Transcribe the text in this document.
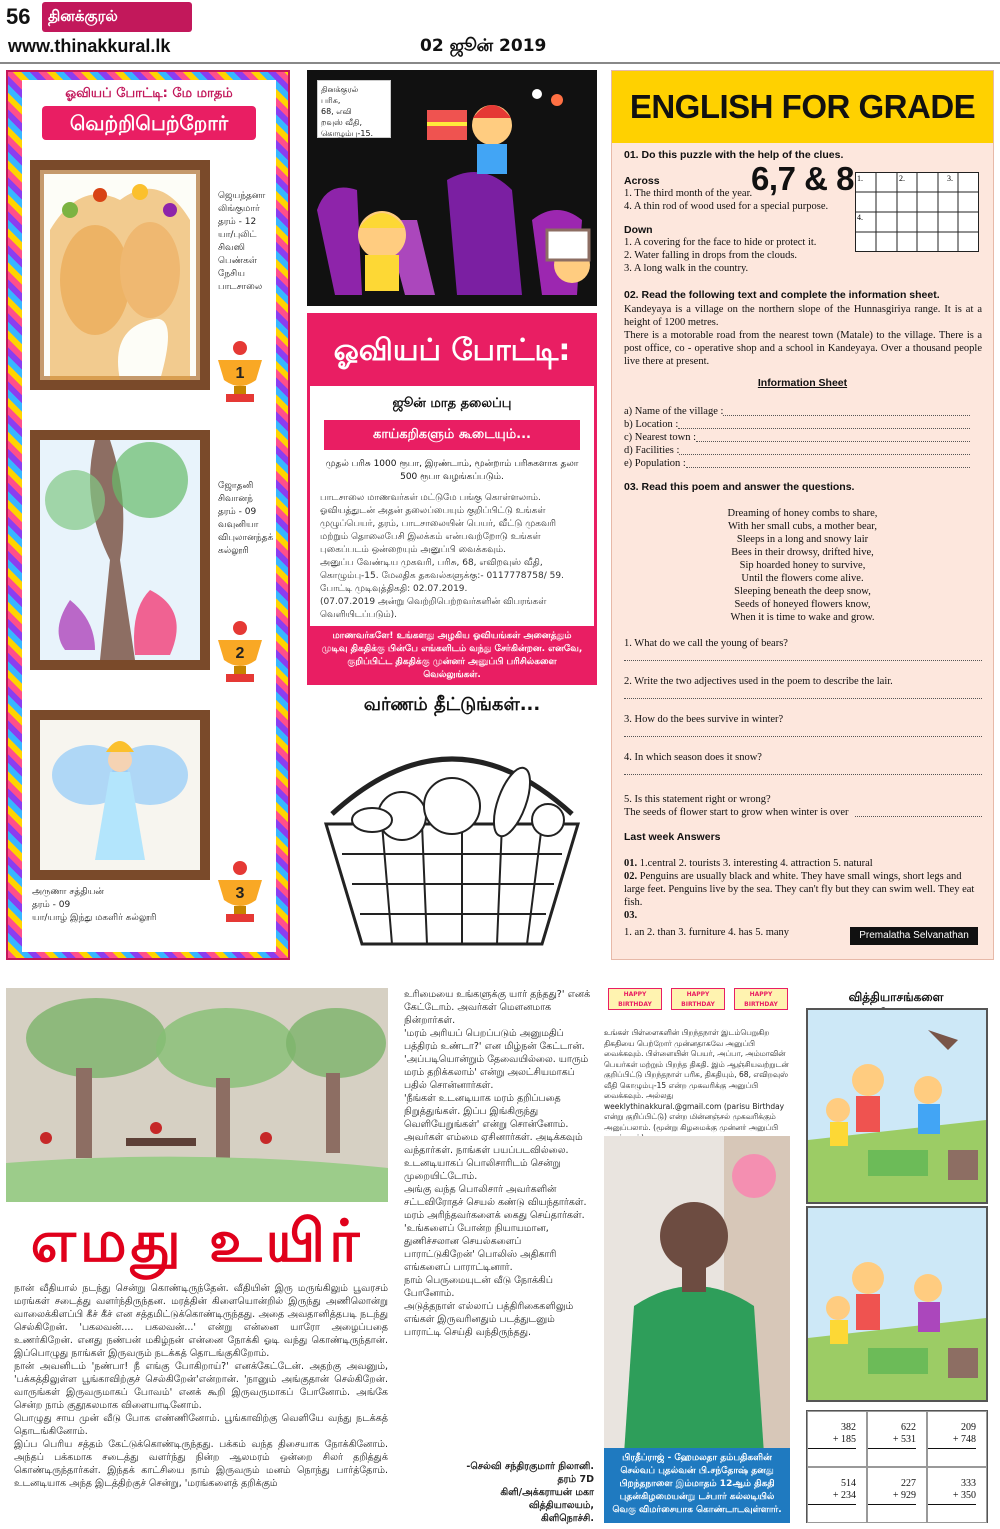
56	தினக்குரல்
www.thinakkural.lk	02 ஜூன் 2019
ஓவியப் போட்டி: மே மாதம்
வெற்றிபெற்றோர்
ஜெயந்தனா
லிங்குமார்
தரம் - 12
யா/புலிட்
சிவஸி
பெண்கள்
நேசிய பாடசாலை
1
ஜோதனி
சிவானந்
தரம் - 09
வவுனியா
விபுலானந்தக்
கல்லூரி
2
3
அருணா சத்தியன்
தரம் - 09
யா/யாழ் இந்து மகளிர் கல்லூரி
தினக்குரல்
பரிசு,
68, எவி
றவுஸ் வீதி,
கொழும்பு-15.
ஓவியப் போட்டி:
ஜூன் மாத தலைப்பு
காய்கறிகளும் கூடையும்...
முதல் பரிசு 1000 ரூபா, இரண்டாம், மூன்றாம் பரிசுகளாக தலா 500 ரூபா வழங்கப்படும்.
பாடசாலை மாணவர்கள் மட்டுமே பங்கு கொள்ளலாம்.
ஓவியத்துடன் அதன் தலைப்பையும் குறிப்பிட்டு உங்கள் முழுப்பெயர், தரம், பாடசாலையின் பெயர், வீட்டு முகவரி மற்றும் தொலைபேசி இலக்கம் என்பவற்றோடு உங்கள் புகைப்படம் ஒன்றையும் அனுப்பி வைக்கவும்.
அனுப்ப வேண்டிய முகவரி, பரிசு, 68, எவிறவுஸ் வீதி, கொழும்பு-15. மேலதிக தகவல்களுக்கு:- 0117778758/ 59.
போட்டி முடிவுத்திகதி: 02.07.2019.
(07.07.2019 அன்று வெற்றிபெற்றவர்களின் விபரங்கள் வெளியிடப்படும்).
மாணவர்களே! உங்களது அழகிய ஓவியங்கள் அனைத்தும் முடிவு திகதிக்கு பின்பே எங்களிடம் வந்து சேர்கின்றன. எனவே, குறிப்பிட்ட திகதிக்கு முன்னர் அனுப்பி பரிசில்களை வெல்லுங்கள்.
வர்ணம் தீட்டுங்கள்...
ENGLISH FOR GRADE 6,7 & 8
01. Do this puzzle with the help of the clues.
Across
1. The third month of the year.
4. A thin rod of wood used for a special purpose.
Down
1. A covering for the face to hide or protect it.
2. Water falling in drops from the clouds.
3. A long walk in the country.
1.	2.	3.
4.
02. Read the following text and complete the information sheet.
Kandeyaya is a village on the northern slope of the Hunnasgiriya range. It is at a height of 1200 metres.
There is a motorable road from the nearest town (Matale) to the village. There is a post office, co - operative shop and a school in Kandeyaya. Over a thousand people live there at present.
Information Sheet
a) Name of the village :
b) Location :
c) Nearest town :
d) Facilities :
e) Population :
03. Read this poem and answer the questions.
Dreaming of honey combs to share,
With her small cubs, a mother bear,
Sleeps in a long and snowy lair
Bees in their drowsy, drifted hive,
Sip hoarded honey to survive,
Until the flowers come alive.
Sleeping beneath the deep snow,
Seeds of honeyed flowers know,
When it is time to wake and grow.
1. What do we call the young of bears?
2. Write the two adjectives used in the poem to describe the lair.
3. How do the bees survive in winter?
4. In which season does it snow?
5. Is this statement right or wrong?
The seeds of flower start to grow when winter is over
Last week Answers
01. 1.central 2. tourists 3. interesting 4. attraction 5. natural
02. Penguins are usually black and white. They have small wings, short legs and large feet. Penguins live by the sea. They can't fly but they can swim well. They eat fish.
03.
1. an 2. than 3. furniture 4. has 5. many	Premalatha Selvanathan
எமது உயிர்

நான் வீதியால் நடந்து சென்று கொண்டிருந்தேன். வீதியின் இரு மருங்கிலும் பூவரசம் மரங்கள் சடைத்து வளர்ந்திருந்தன. மரத்தின் கிளையொன்றில் இருந்து அணிலொன்று வாலைக்கிளப்பி கீச் கீச் என சத்தமிட்டுக்கொண்டிருந்தது. அதை அவதானித்தபடி நடந்து செல்கிறேன். 'பகலவன்.... பகலவன்...' என்று என்னை யாரோ அழைப்பதை உணர்கிறேன். எனது நண்பன் மகிழ்நன் என்னை நோக்கி ஓடி வந்து கொண்டிருந்தான். இப்பொழுது நாங்கள் இருவரும் நடக்கத் தொடங்குகிறோம்.

நான் அவனிடம் 'நண்பா! நீ எங்கு போகிறாய்?' எனக்கேட்டேன். அதற்கு அவனும், 'பக்கத்திலுள்ள பூங்காவிற்குச் செல்கிறேன்'என்றான். 'நானும் அங்குதான் செல்கிறேன். வாருங்கள் இருவருமாகப் போவம்' எனக் கூறி இருவருமாகப் போனோம். அங்கே சென்ற நாம் குதூகலமாக விளையாடினோம்.

பொழுது சாய முன் வீடு போக எண்ணினோம். பூங்காவிற்கு வெளியே வந்து நடக்கத் தொடங்கினோம்.

இப்ப பெரிய சத்தம் கேட்டுக்கொண்டிருந்தது. பக்கம் வந்த திசையாக நோக்கினோம். அந்தப் பக்கமாக சடைத்து வளர்ந்து நின்ற ஆலமரம் ஒன்றை சிலர் தறித்துக் கொண்டிருந்தார்கள். இந்தக் காட்சியை நாம் இருவரும் மனம் நொந்து பார்த்தோம். உடனடியாக அந்த இடத்திற்குச் சென்று, 'மரங்களைத் தறிக்கும்

உரிமையை உங்களுக்கு யார் தந்தது?' எனக் கேட்டோம். அவர்கள் மௌனமாக நின்றார்கள்.

'மரம் அரியப் பெறப்படும் அனுமதிப் பத்திரம் உண்டா?' என மிழ்நன் கேட்டான்.

'அப்படியொன்றும் தேவையில்லை. யாரும் மரம் தறிக்கலாம்' என்று அலட்சியமாகப் பதில் சொன்னார்கள்.

'நீங்கள் உடனடியாக மரம் தறிப்பதை நிறுத்துங்கள். இப்ப இங்கிருந்து வெளியேறுங்கள்' என்று சொன்னோம்.

அவர்கள் எம்மை ஏசினார்கள். அடிக்கவும் வந்தார்கள். நாங்கள் பயப்படவில்லை. உடனடியாகப் பொலிசாரிடம் சென்று முறையிட்டோம்.

அங்கு வந்த பொலிசார் அவர்களின் சட்டவிரோதச் செயல் கண்டு வியந்தார்கள். மரம் அரிந்தவர்களைக் கைது செய்தார்கள்.

'உங்களைப் போன்ற நியாயமான, துணிச்சலான செயல்களைப் பாராட்டுகிறேன்' பொலிஸ் அதிகாரி எங்களைப் பாராட்டினார்.

நாம் பெருமையுடன் வீடு நோக்கிப் போனோம்.

அடுத்தநாள் எல்லாப் பத்திரிகைகளிலும் எங்கள் இருவரினதும் படத்துடனும் பாராட்டி செய்தி வந்திருந்தது.

-செல்வி சந்திரகுமார் நிலானி.
தரம் 7D
கிளி/அக்கராயன் மகா
வித்தியாலயம்,
கிளிநொச்சி.
HAPPY BIRTHDAY
HAPPY BIRTHDAY
HAPPY BIRTHDAY
உங்கள் பிள்ளைகளின் பிறந்தநாள் இடம்பெறுகிற திகதியை பெற்றோர் முன்னதாகவே அனுப்பி வைக்கவும். பிள்ளையின் பெயர், அப்பா, அம்மாவின் பெயர்கள் மற்றும் பிறந்த திகதி. இம் ஆஞ்சியவற்றுடன் குறிப்பிட்டு பிறந்தநாள் பரிசு, திகதியும், 68, எவிறவுஸ் வீதி கொழும்பு-15 என்ற முகவரிக்கு அனுப்பி வைக்கவும். அல்லது weeklythinakkural.@gmail.com (parisu Birthday என்று குறிப்பிட்டு) என்ற மின்னஞ்சல் முகவரிக்கும் அனுப்பலாம். (மூன்று கிழமைக்கு முன்னர் அனுப்பி
பிரதீப்ராஜ் - ஹேமலதா தம்பதிகளின் செல்வப் புதல்வன் பி.சந்தோஷ் தனது பிறந்தநாளை இம்மாதம் 12ஆம் திகதி புதன்கிழமையன்று டச்பார் கல்லடியில் வெகு விமர்சையாக கொண்டாடவுள்ளார்.
வித்தியாசங்களை
382
+ 185
622
+ 531
209
+ 748
514
+ 234
227
+ 929
333
+ 350
